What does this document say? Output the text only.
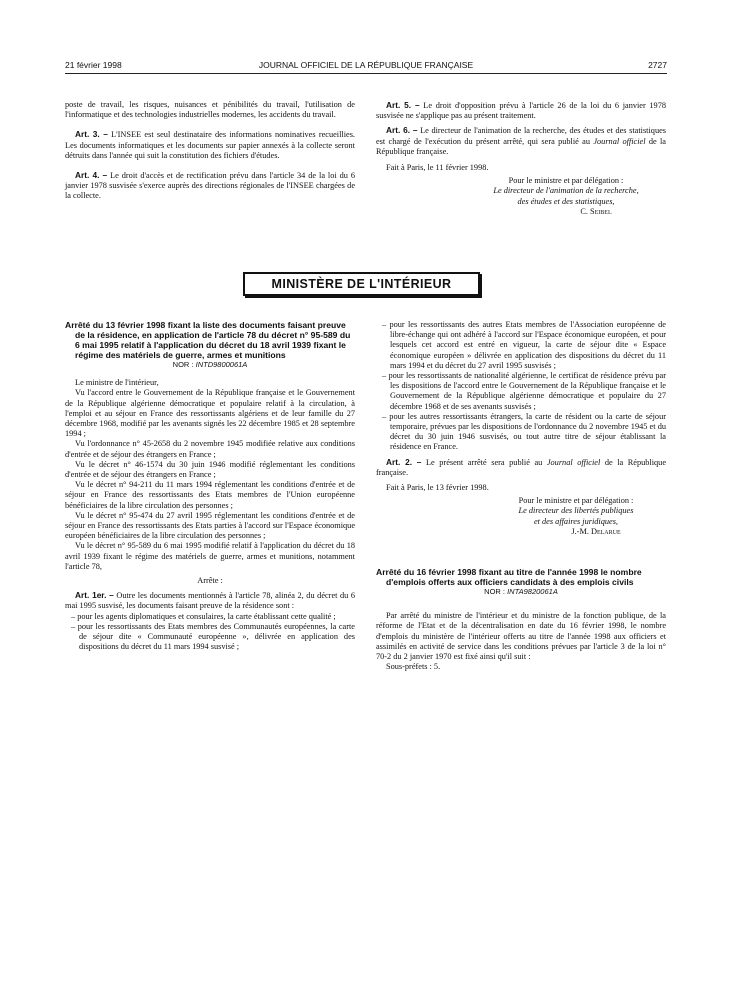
21 février 1998	JOURNAL OFFICIEL DE LA RÉPUBLIQUE FRANÇAISE	2727

poste de travail, les risques, nuisances et pénibilités du travail, l'utilisation de l'informatique et des technologies industrielles modernes, les accidents du travail.

Art. 3. – L'INSEE est seul destinataire des informations nominatives recueillies. Les documents informatiques et les documents sur papier annexés à la collecte seront détruits dans l'année qui suit la constitution des fichiers d'études.

Art. 4. – Le droit d'accès et de rectification prévu dans l'article 34 de la loi du 6 janvier 1978 susvisée s'exerce auprès des directions régionales de l'INSEE chargées de la collecte.

Art. 5. – Le droit d'opposition prévu à l'article 26 de la loi du 6 janvier 1978 susvisée ne s'applique pas au présent traitement.

Art. 6. – Le directeur de l'animation de la recherche, des études et des statistiques est chargé de l'exécution du présent arrêté, qui sera publié au Journal officiel de la République française.

Fait à Paris, le 11 février 1998.

Pour le ministre et par délégation :

Le directeur de l'animation de la recherche,

des études et des statistiques,

C. Seibel

MINISTÈRE DE L'INTÉRIEUR

Arrêté du 13 février 1998 fixant la liste des documents faisant preuve de la résidence, en application de l'article 78 du décret n° 95-589 du 6 mai 1995 relatif à l'application du décret du 18 avril 1939 fixant le régime des matériels de guerre, armes et munitions

NOR : INTD9800061A

Le ministre de l'intérieur,

Vu l'accord entre le Gouvernement de la République française et le Gouvernement de la République algérienne démocratique et populaire relatif à la circulation, à l'emploi et au séjour en France des ressortissants algériens et de leur famille du 27 décembre 1968, modifié par les avenants signés les 22 décembre 1985 et 28 septembre 1994 ;

Vu l'ordonnance n° 45-2658 du 2 novembre 1945 modifiée relative aux conditions d'entrée et de séjour des étrangers en France ;

Vu le décret n° 46-1574 du 30 juin 1946 modifié réglementant les conditions d'entrée et de séjour des étrangers en France ;

Vu le décret n° 94-211 du 11 mars 1994 réglementant les conditions d'entrée et de séjour en France des ressortissants des Etats membres de l'Union européenne bénéficiaires de la libre circulation des personnes ;

Vu le décret n° 95-474 du 27 avril 1995 réglementant les conditions d'entrée et de séjour en France des ressortissants des Etats parties à l'accord sur l'Espace économique européen bénéficiaires de la libre circulation des personnes ;

Vu le décret n° 95-589 du 6 mai 1995 modifié relatif à l'application du décret du 18 avril 1939 fixant le régime des matériels de guerre, armes et munitions, notamment l'article 78,

Arrête :

Art. 1er. – Outre les documents mentionnés à l'article 78, alinéa 2, du décret du 6 mai 1995 susvisé, les documents faisant preuve de la résidence sont :

– pour les agents diplomatiques et consulaires, la carte établissant cette qualité ;

– pour les ressortissants des Etats membres des Communautés européennes, la carte de séjour dite « Communauté européenne », délivrée en application des dispositions du décret du 11 mars 1994 susvisé ;

– pour les ressortissants des autres Etats membres de l'Association européenne de libre-échange qui ont adhéré à l'accord sur l'Espace économique européen, et pour lesquels cet accord est entré en vigueur, la carte de séjour dite « Espace économique européen » délivrée en application des dispositions du décret du 11 mars 1994 et du décret du 27 avril 1995 susvisés ;

– pour les ressortissants de nationalité algérienne, le certificat de résidence prévu par les dispositions de l'accord entre le Gouvernement de la République française et le Gouvernement de la République algérienne démocratique et populaire du 27 décembre 1968 et de ses avenants susvisés ;

– pour les autres ressortissants étrangers, la carte de résident ou la carte de séjour temporaire, prévues par les dispositions de l'ordonnance du 2 novembre 1945 et du décret du 30 juin 1946 susvisés, ou tout autre titre de séjour établissant la résidence en France.

Art. 2. – Le présent arrêté sera publié au Journal officiel de la République française.

Fait à Paris, le 13 février 1998.

Pour le ministre et par délégation :

Le directeur des libertés publiques

et des affaires juridiques,

J.-M. Delarue

Arrêté du 16 février 1998 fixant au titre de l'année 1998 le nombre d'emplois offerts aux officiers candidats à des emplois civils

NOR : INTA9820061A

Par arrêté du ministre de l'intérieur et du ministre de la fonction publique, de la réforme de l'Etat et de la décentralisation en date du 16 février 1998, le nombre d'emplois du ministère de l'intérieur offerts au titre de l'année 1998 aux officiers et assimilés en activité de service dans les conditions prévues par l'article 3 de la loi n° 70-2 du 2 janvier 1970 est fixé ainsi qu'il suit :

Sous-préfets : 5.
